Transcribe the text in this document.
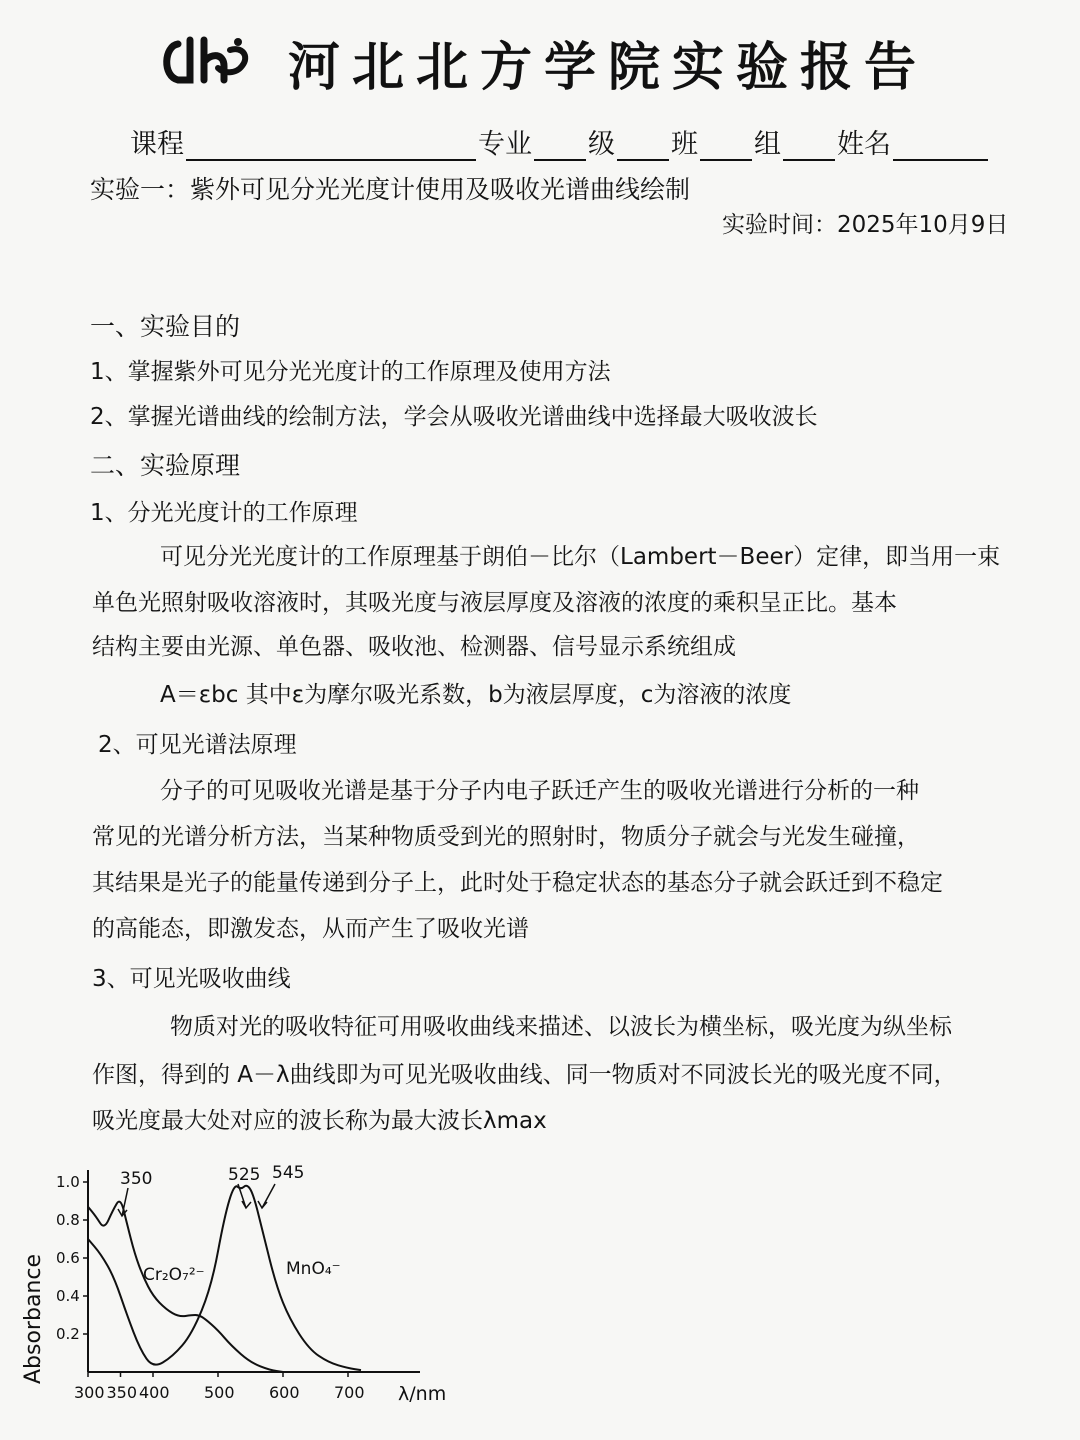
河北北方学院实验报告
课程	专业 级 班 组 姓名
实验一：紫外可见分光光度计使用及吸收光谱曲线绘制
实验时间：2025年10月9日
一、实验目的
1、掌握紫外可见分光光度计的工作原理及使用方法
2、掌握光谱曲线的绘制方法，学会从吸收光谱曲线中选择最大吸收波长
二、实验原理
1、分光光度计的工作原理
可见分光光度计的工作原理基于朗伯－比尔（Lambert－Beer）定律，即当用一束
单色光照射吸收溶液时，其吸光度与液层厚度及溶液的浓度的乘积呈正比。基本
结构主要由光源、单色器、吸收池、检测器、信号显示系统组成
A＝εbc 其中ε为摩尔吸光系数，b为液层厚度，c为溶液的浓度
2、可见光谱法原理
分子的可见吸收光谱是基于分子内电子跃迁产生的吸收光谱进行分析的一种
常见的光谱分析方法，当某种物质受到光的照射时，物质分子就会与光发生碰撞，
其结果是光子的能量传递到分子上，此时处于稳定状态的基态分子就会跃迁到不稳定
的高能态，即激发态，从而产生了吸收光谱
3、可见光吸收曲线
物质对光的吸收特征可用吸收曲线来描述、以波长为横坐标，吸光度为纵坐标
作图，得到的 A－λ曲线即为可见光吸收曲线、同一物质对不同波长光的吸光度不同，
吸光度最大处对应的波长称为最大波长λmax
0.2
0.4
0.6
0.8
1.0
300 350 400 500 600 700
Absorbance
λ/nm
Cr₂O₇²⁻	MnO₄⁻
350	525 545
